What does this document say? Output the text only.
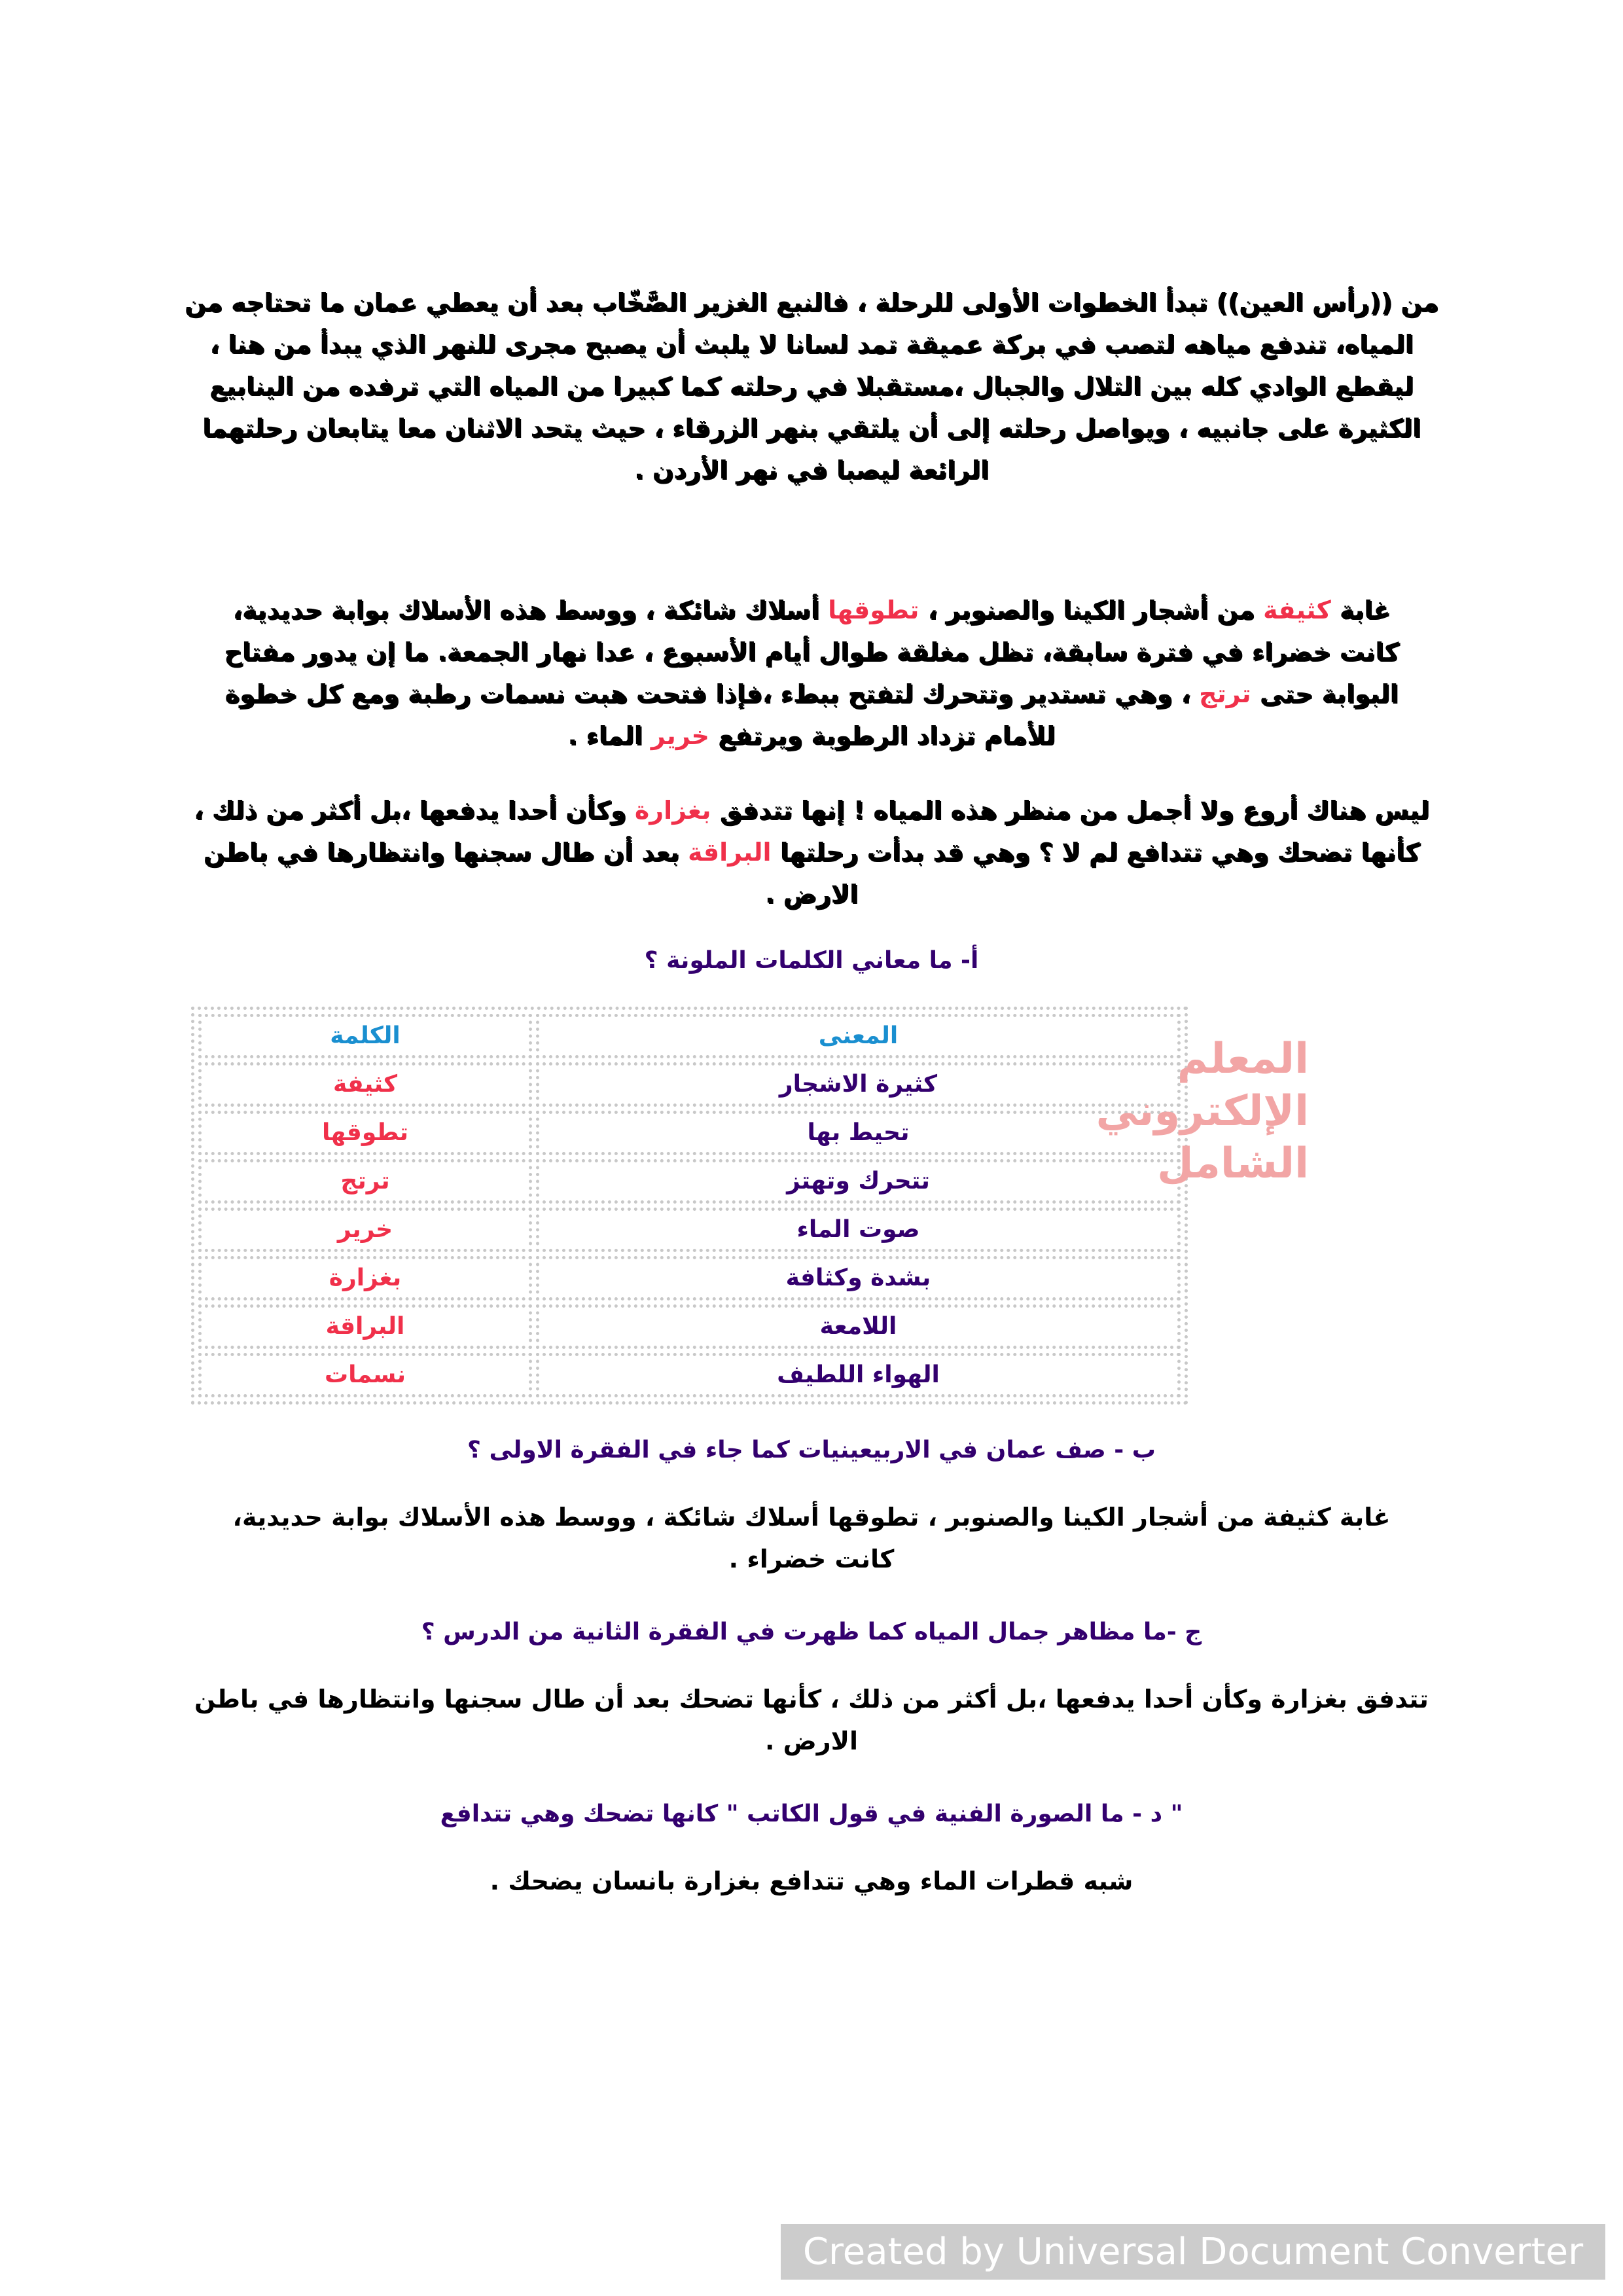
من ((رأس العين)) تبدأ الخطوات الأولى للرحلة ، فالنبع الغزير الصَّخّاب بعد أن يعطي عمان ما تحتاجه من المياه، تندفع مياهه لتصب في بركة عميقة تمد لسانا لا يلبث أن يصبح مجرى للنهر الذي يبدأ من هنا ، ليقطع الوادي كله بين التلال والجبال ،مستقبلا في رحلته كما كبيرا من المياه التي ترفده من الينابيع الكثيرة على جانبيه ، ويواصل رحلته إلى أن يلتقي بنهر الزرقاء ، حيث يتحد الاثنان معا يتابعان رحلتهما الرائعة ليصبا في نهر الأردن .
غابة كثيفة من أشجار الكينا والصنوبر ، تطوقها أسلاك شائكة ، ووسط هذه الأسلاك بوابة حديدية، كانت خضراء في فترة سابقة، تظل مغلقة طوال أيام الأسبوع ، عدا نهار الجمعة. ما إن يدور مفتاح البوابة حتى ترتج ، وهي تستدير وتتحرك لتفتح ببطء ،فإذا فتحت هبت نسمات رطبة ومع كل خطوة للأمام تزداد الرطوبة ويرتفع خرير الماء .
ليس هناك أروع ولا أجمل من منظر هذه المياه ! إنها تتدفق بغزارة وكأن أحدا يدفعها ،بل أكثر من ذلك ، كأنها تضحك وهي تتدافع لم لا ؟ وهي قد بدأت رحلتها البراقة بعد أن طال سجنها وانتظارها في باطن الارض .
أ- ما معاني الكلمات الملونة ؟
الكلمة	المعنى
كثيفة	كثيرة الاشجار
تطوقها	تحيط بها
ترتج	تتحرك وتهتز
خرير	صوت الماء
بغزارة	بشدة وكثافة
البراقة	اللامعة
نسمات	الهواء اللطيف
المعلم الإلكتروني الشامل
ب - صف عمان في الاربيعينيات كما جاء في الفقرة الاولى ؟
غابة كثيفة من أشجار الكينا والصنوبر ، تطوقها أسلاك شائكة ، ووسط هذه الأسلاك بوابة حديدية، كانت خضراء .
ج -ما مظاهر جمال المياه كما ظهرت في الفقرة الثانية من الدرس ؟
تتدفق بغزارة وكأن أحدا يدفعها ،بل أكثر من ذلك ، كأنها تضحك بعد أن طال سجنها وانتظارها في باطن الارض .
" د - ما الصورة الفنية في قول الكاتب " كانها تضحك وهي تتدافع
شبه قطرات الماء وهي تتدافع بغزارة بانسان يضحك .
Created by Universal Document Converter
